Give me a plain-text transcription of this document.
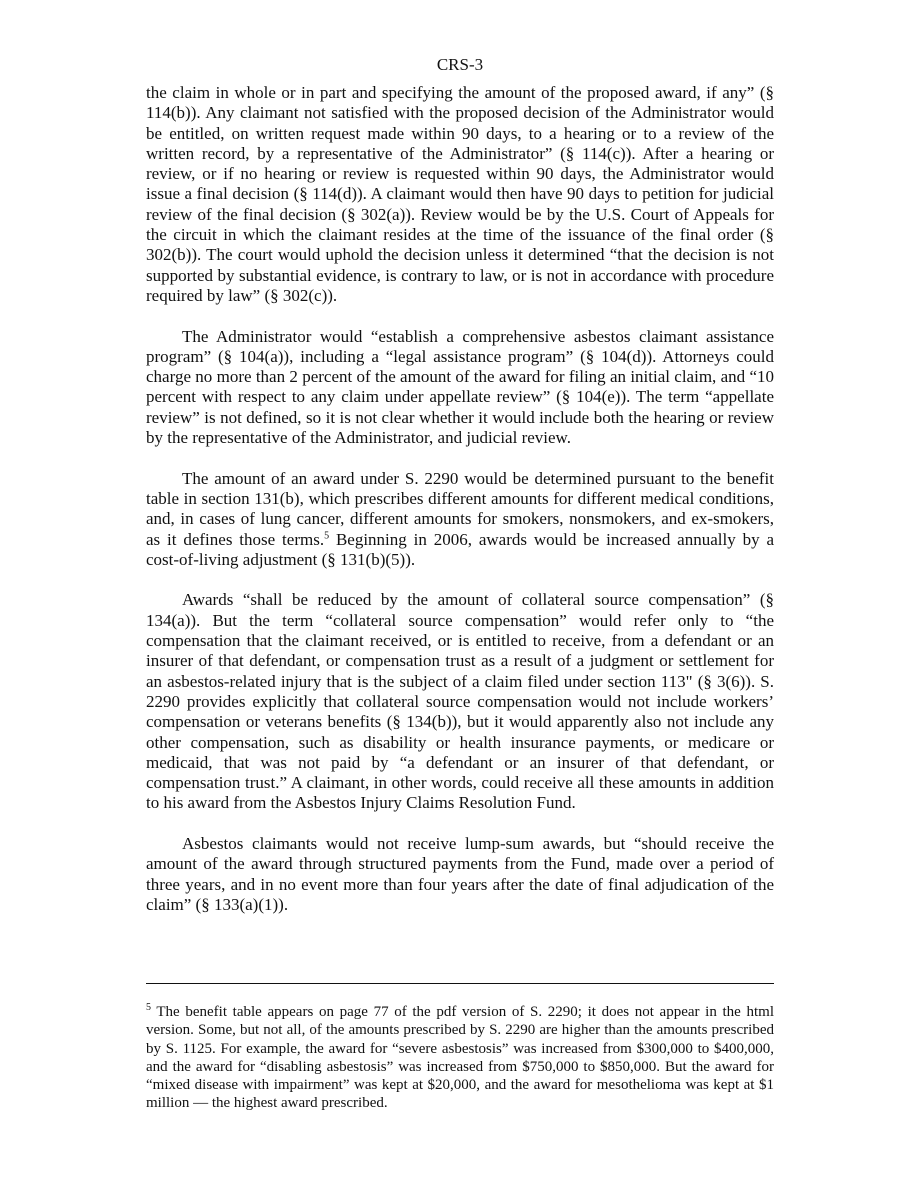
CRS-3

the claim in whole or in part and specifying the amount of the proposed award, if any” (§ 114(b)). Any claimant not satisfied with the proposed decision of the Administrator would be entitled, on written request made within 90 days, to a hearing or to a review of the written record, by a representative of the Administrator” (§ 114(c)). After a hearing or review, or if no hearing or review is requested within 90 days, the Administrator would issue a final decision (§ 114(d)). A claimant would then have 90 days to petition for judicial review of the final decision (§ 302(a)). Review would be by the U.S. Court of Appeals for the circuit in which the claimant resides at the time of the issuance of the final order (§ 302(b)). The court would uphold the decision unless it determined “that the decision is not supported by substantial evidence, is contrary to law, or is not in accordance with procedure required by law” (§ 302(c)).

The Administrator would “establish a comprehensive asbestos claimant assistance program” (§ 104(a)), including a “legal assistance program” (§ 104(d)). Attorneys could charge no more than 2 percent of the amount of the award for filing an initial claim, and “10 percent with respect to any claim under appellate review” (§ 104(e)). The term “appellate review” is not defined, so it is not clear whether it would include both the hearing or review by the representative of the Administrator, and judicial review.

The amount of an award under S. 2290 would be determined pursuant to the benefit table in section 131(b), which prescribes different amounts for different medical conditions, and, in cases of lung cancer, different amounts for smokers, nonsmokers, and ex-smokers, as it defines those terms.$^5$ Beginning in 2006, awards would be increased annually by a cost-of-living adjustment (§ 131(b)(5)).

Awards “shall be reduced by the amount of collateral source compensation” (§ 134(a)). But the term “collateral source compensation” would refer only to “the compensation that the claimant received, or is entitled to receive, from a defendant or an insurer of that defendant, or compensation trust as a result of a judgment or settlement for an asbestos-related injury that is the subject of a claim filed under section 113" (§ 3(6)). S. 2290 provides explicitly that collateral source compensation would not include workers’ compensation or veterans benefits (§ 134(b)), but it would apparently also not include any other compensation, such as disability or health insurance payments, or medicare or medicaid, that was not paid by “a defendant or an insurer of that defendant, or compensation trust.” A claimant, in other words, could receive all these amounts in addition to his award from the Asbestos Injury Claims Resolution Fund.

Asbestos claimants would not receive lump-sum awards, but “should receive the amount of the award through structured payments from the Fund, made over a period of three years, and in no event more than four years after the date of final adjudication of the claim” (§ 133(a)(1)).

$^5$ The benefit table appears on page 77 of the pdf version of S. 2290; it does not appear in the html version. Some, but not all, of the amounts prescribed by S. 2290 are higher than the amounts prescribed by S. 1125. For example, the award for “severe asbestosis” was increased from $300,000 to $400,000, and the award for “disabling asbestosis” was increased from $750,000 to $850,000. But the award for “mixed disease with impairment” was kept at $20,000, and the award for mesothelioma was kept at $1 million — the highest award prescribed.
